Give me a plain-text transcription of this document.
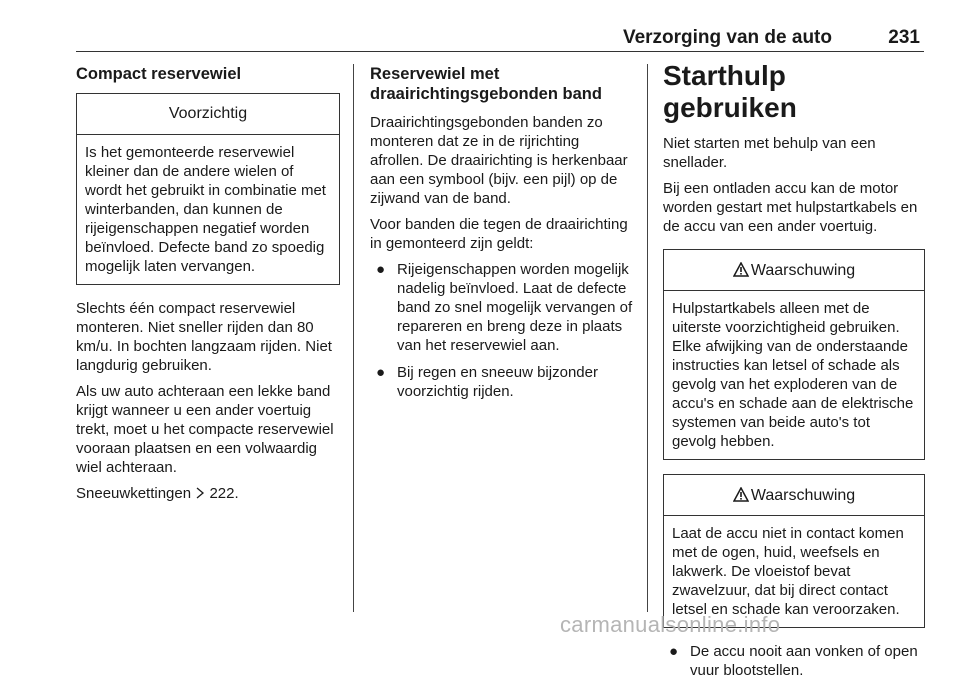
Verzorging van de auto	231
Compact reservewiel
Voorzichtig
Is het gemonteerde reservewiel kleiner dan de andere wielen of wordt het gebruikt in combinatie met winterbanden, dan kunnen de rijeigenschappen negatief worden beïnvloed. Defecte band zo spoedig mogelijk laten vervangen.

Slechts één compact reservewiel monteren. Niet sneller rijden dan 80 km/u. In bochten langzaam rijden. Niet langdurig gebruiken.

Als uw auto achteraan een lekke band krijgt wanneer u een ander voertuig trekt, moet u het compacte reservewiel vooraan plaatsen en een volwaardig wiel achteraan.

Sneeuwkettingen 222.

Reservewiel met draairichtingsgebonden band

Draairichtingsgebonden banden zo monteren dat ze in de rijrichting afrollen. De draairichting is herkenbaar aan een symbool (bijv. een pijl) op de zijwand van de band.

Voor banden die tegen de draairichting in gemonteerd zijn geldt:

● Rijeigenschappen worden mogelijk nadelig beïnvloed. Laat de defecte band zo snel mogelijk vervangen of repareren en breng deze in plaats van het reservewiel aan.
● Bij regen en sneeuw bijzonder voorzichtig rijden.
Starthulp gebruiken

Niet starten met behulp van een snellader.

Bij een ontladen accu kan de motor worden gestart met hulpstartkabels en de accu van een ander voertuig.

Waarschuwing
Hulpstartkabels alleen met de uiterste voorzichtigheid gebruiken. Elke afwijking van de onderstaande instructies kan letsel of schade als gevolg van het exploderen van de accu's en schade aan de elektrische systemen van beide auto's tot gevolg hebben.
Waarschuwing
Laat de accu niet in contact komen met de ogen, huid, weefsels en lakwerk. De vloeistof bevat zwavelzuur, dat bij direct contact letsel en schade kan veroorzaken.
● De accu nooit aan vonken of open vuur blootstellen.
carmanualsonline.info
